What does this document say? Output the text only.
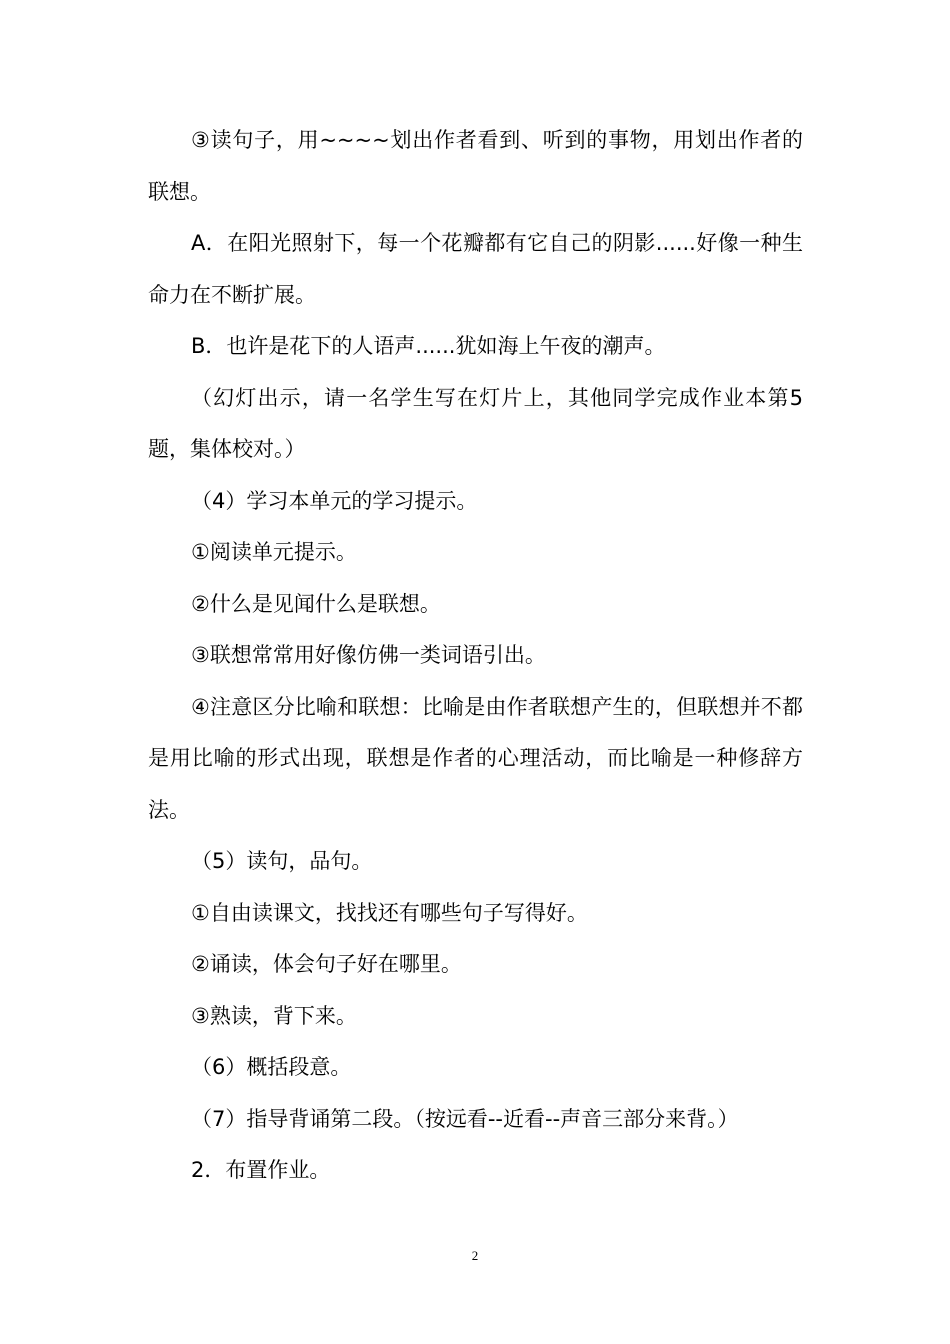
③读句子，用~~~~划出作者看到、听到的事物，用划出作者的联想。

A．在阳光照射下，每一个花瓣都有它自己的阴影......好像一种生命力在不断扩展。

B．也许是花下的人语声......犹如海上午夜的潮声。

（幻灯出示，请一名学生写在灯片上，其他同学完成作业本第5题，集体校对。）

（4）学习本单元的学习提示。

①阅读单元提示。

②什么是见闻什么是联想。

③联想常常用好像仿佛一类词语引出。

④注意区分比喻和联想：比喻是由作者联想产生的，但联想并不都是用比喻的形式出现，联想是作者的心理活动，而比喻是一种修辞方法。

（5）读句，品句。

①自由读课文，找找还有哪些句子写得好。

②诵读，体会句子好在哪里。

③熟读，背下来。

（6）概括段意。

（7）指导背诵第二段。（按远看--近看--声音三部分来背。）

2．布置作业。

2
